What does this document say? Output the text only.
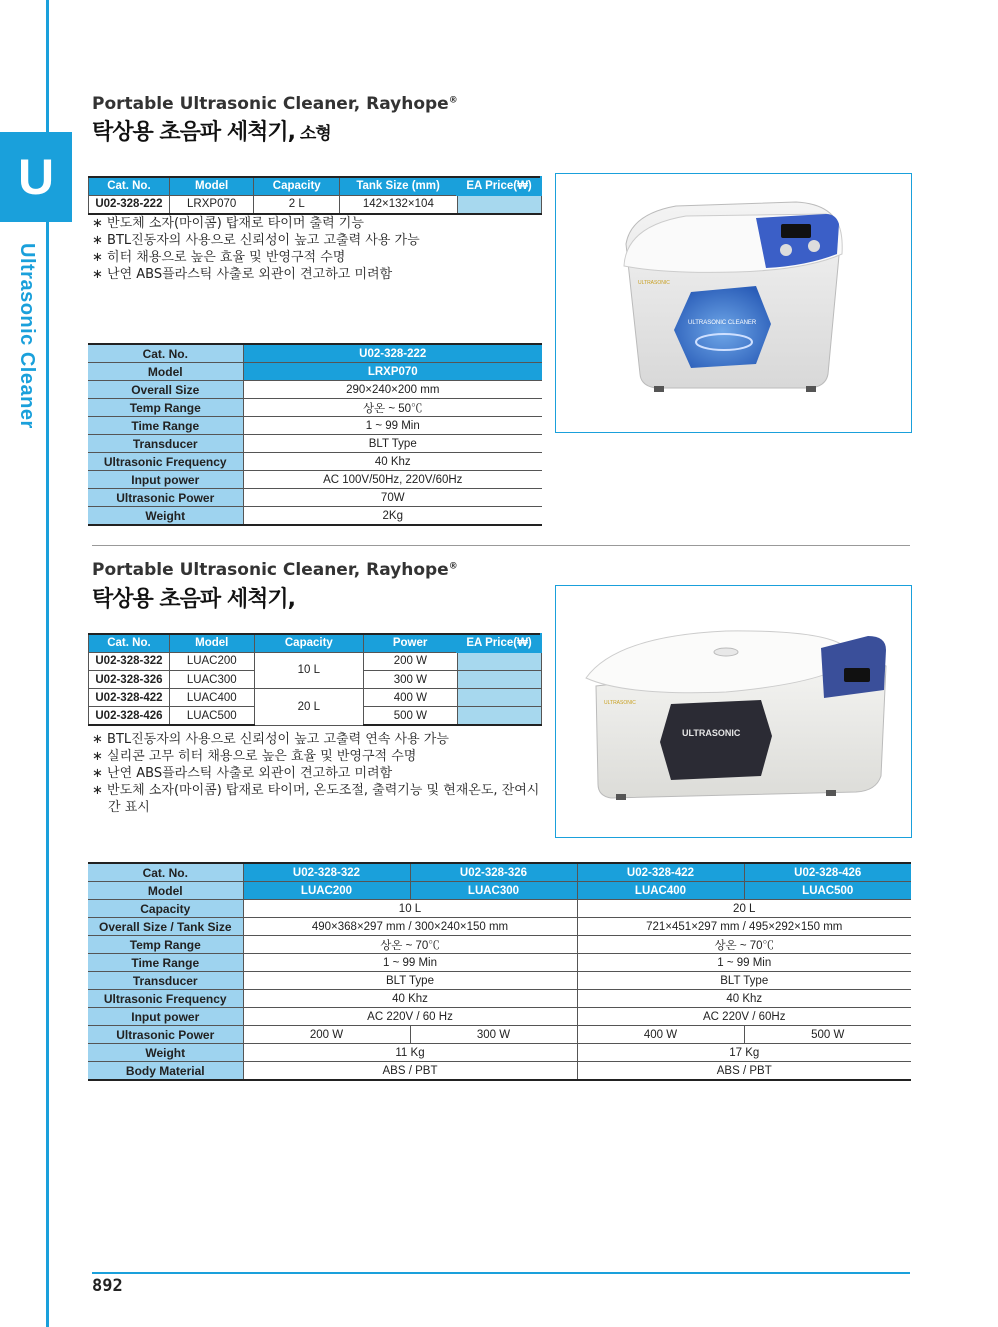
U
Ultrasonic Cleaner
Portable Ultrasonic Cleaner, Rayhope®
탁상용 초음파 세척기, 소형
Cat. No.	Model	Capacity	Tank Size (mm)	EA Price(₩)
U02-328-222	LRXP070	2 L	142×132×104	
∗ 반도체 소자(마이콤) 탑재로 타이머 출력 기능
∗ BTL진동자의 사용으로 신뢰성이 높고 고출력 사용 가능
∗ 히터 채용으로 높은 효율 및 반영구적 수명
∗ 난연 ABS플라스틱 사출로 외관이 견고하고 미려함
Cat. No.	U02-328-222
Model	LRXP070
Overall Size	290×240×200 mm
Temp Range	상온 ~ 50℃
Time Range	1 ~ 99 Min
Transducer	BLT Type
Ultrasonic Frequency	40 Khz
Input power	AC 100V/50Hz, 220V/60Hz
Ultrasonic Power	70W
Weight	2Kg
ULTRASONIC CLEANER
ULTRASONIC
Portable Ultrasonic Cleaner, Rayhope®
탁상용 초음파 세척기,
Cat. No.	Model	Capacity	Power	EA Price(₩)
U02-328-322	LUAC200	10 L	200 W	
U02-328-326	LUAC300		300 W	
U02-328-422	LUAC400	20 L	400 W	
U02-328-426	LUAC500		500 W	
∗ BTL진동자의 사용으로 신뢰성이 높고 고출력 연속 사용 가능
∗ 실리콘 고무 히터 채용으로 높은 효율 및 반영구적 수명
∗ 난연 ABS플라스틱 사출로 외관이 견고하고 미려함
∗ 반도체 소자(마이콤) 탑재로 타이머, 온도조절, 출력기능 및 현재온도, 잔여시간 표시
ULTRASONIC
ULTRASONIC
Cat. No.	U02-328-322	U02-328-326	U02-328-422	U02-328-426
Model	LUAC200	LUAC300	LUAC400	LUAC500
Capacity	10 L		20 L	
Overall Size / Tank Size	490×368×297 mm / 300×240×150 mm		721×451×297 mm / 495×292×150 mm	
Temp Range	상온 ~ 70℃		상온 ~ 70℃	
Time Range	1 ~ 99 Min		1 ~ 99 Min	
Transducer	BLT Type		BLT Type	
Ultrasonic Frequency	40 Khz		40 Khz	
Input power	AC 220V / 60 Hz		AC 220V / 60Hz	
Ultrasonic Power	200 W	300 W	400 W	500 W
Weight	11 Kg		17 Kg	
Body Material	ABS / PBT		ABS / PBT	
892
